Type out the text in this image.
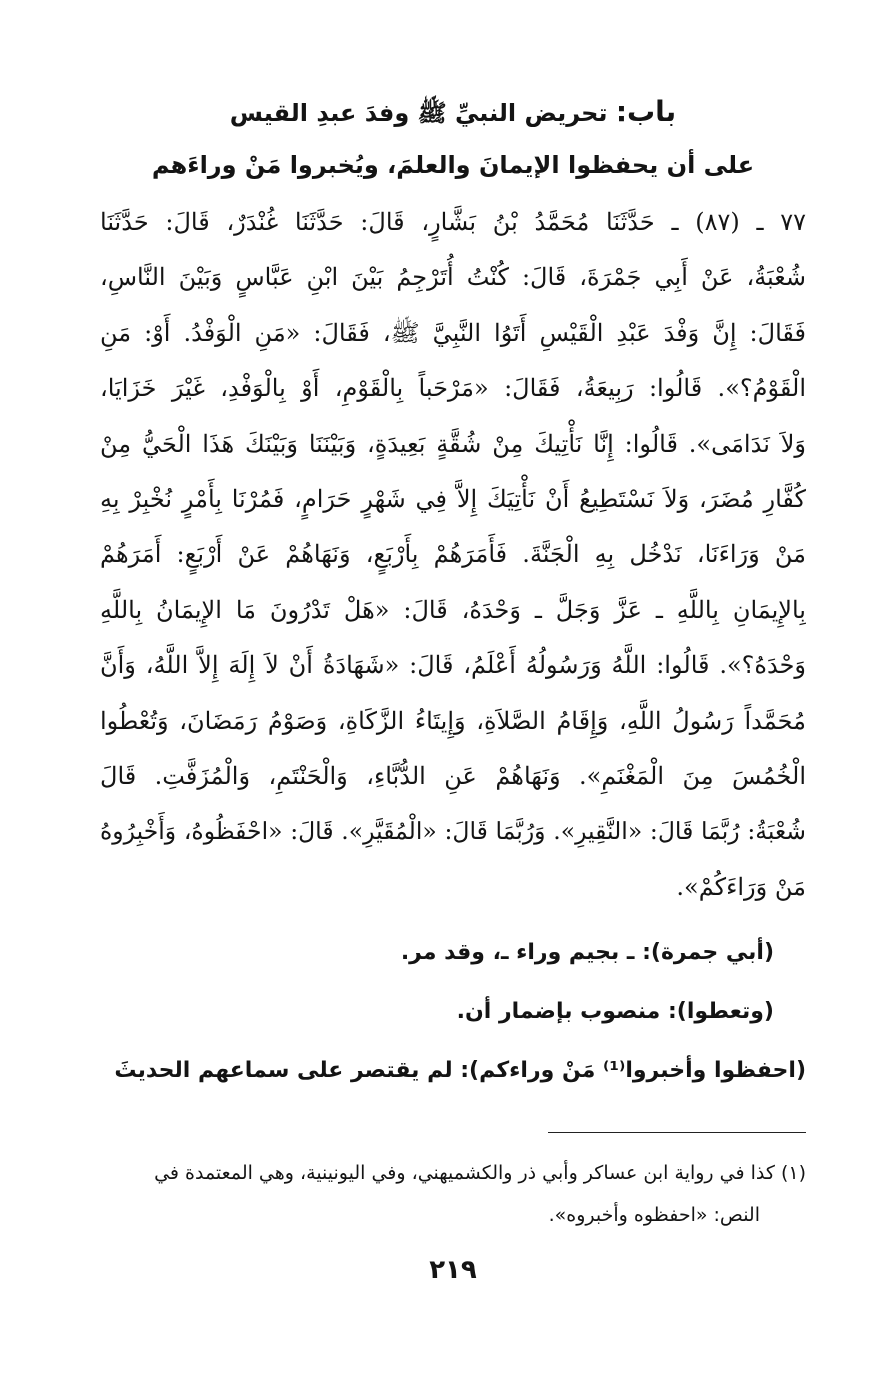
باب: تحريض النبيِّ ﷺ وفدَ عبدِ القيس
على أن يحفظوا الإيمانَ والعلمَ، ويُخبروا مَنْ وراءَهم
٧٧ ـ (٨٧) ـ حَدَّثَنَا مُحَمَّدُ بْنُ بَشَّارٍ، قَالَ: حَدَّثَنَا غُنْدَرٌ، قَالَ: حَدَّثَنَا
شُعْبَةُ، عَنْ أَبِي جَمْرَةَ، قَالَ: كُنْتُ أُتَرْجِمُ بَيْنَ ابْنِ عَبَّاسٍ وَبَيْنَ النَّاسِ،
فَقَالَ: إِنَّ وَفْدَ عَبْدِ الْقَيْسِ أَتَوُا النَّبِيَّ ﷺ، فَقَالَ: «مَنِ الْوَفْدُ. أَوْ: مَنِ
الْقَوْمُ؟». قَالُوا: رَبِيعَةُ، فَقَالَ: «مَرْحَباً بِالْقَوْمِ، أَوْ بِالْوَفْدِ، غَيْرَ خَزَايَا،
وَلاَ نَدَامَى». قَالُوا: إِنَّا نَأْتِيكَ مِنْ شُقَّةٍ بَعِيدَةٍ، وَبَيْنَنَا وَبَيْنَكَ هَذَا الْحَيُّ مِنْ
كُفَّارِ مُضَرَ، وَلاَ نَسْتَطِيعُ أَنْ نَأْتِيَكَ إِلاَّ فِي شَهْرٍ حَرَامٍ، فَمُرْنَا بِأَمْرٍ نُخْبِرْ بِهِ
مَنْ وَرَاءَنَا، نَدْخُل بِهِ الْجَنَّةَ. فَأَمَرَهُمْ بِأَرْبَعٍ، وَنَهَاهُمْ عَنْ أَرْبَعٍ: أَمَرَهُمْ
بِالإِيمَانِ بِاللَّهِ ـ عَزَّ وَجَلَّ ـ وَحْدَهُ، قَالَ: «هَلْ تَدْرُونَ مَا الإِيمَانُ بِاللَّهِ
وَحْدَهُ؟». قَالُوا: اللَّهُ وَرَسُولُهُ أَعْلَمُ، قَالَ: «شَهَادَةُ أَنْ لاَ إِلَهَ إِلاَّ اللَّهُ، وَأَنَّ
مُحَمَّداً رَسُولُ اللَّهِ، وَإِقَامُ الصَّلاَةِ، وَإِيتَاءُ الزَّكَاةِ، وَصَوْمُ رَمَضَانَ، وَتُعْطُوا
الْخُمُسَ مِنَ الْمَغْنَمِ». وَنَهَاهُمْ عَنِ الدُّبَّاءِ، وَالْحَنْتَمِ، وَالْمُزَفَّتِ. قَالَ
شُعْبَةُ: رُبَّمَا قَالَ: «النَّقِيرِ». وَرُبَّمَا قَالَ: «الْمُقَيَّرِ». قَالَ: «احْفَظُوهُ، وَأَخْبِرُوهُ
مَنْ وَرَاءَكُمْ».
(أبي جمرة): ـ بجيم وراء ـ، وقد مر.
(وتعطوا): منصوب بإضمار أن.
(احفظوا وأخبروا⁽¹⁾ مَنْ وراءكم): لم يقتصر على سماعهم الحديثَ
(١) كذا في رواية ابن عساكر وأبي ذر والكشميهني، وفي اليونينية، وهي المعتمدة في
النص: «احفظوه وأخبروه».
٢١٩
